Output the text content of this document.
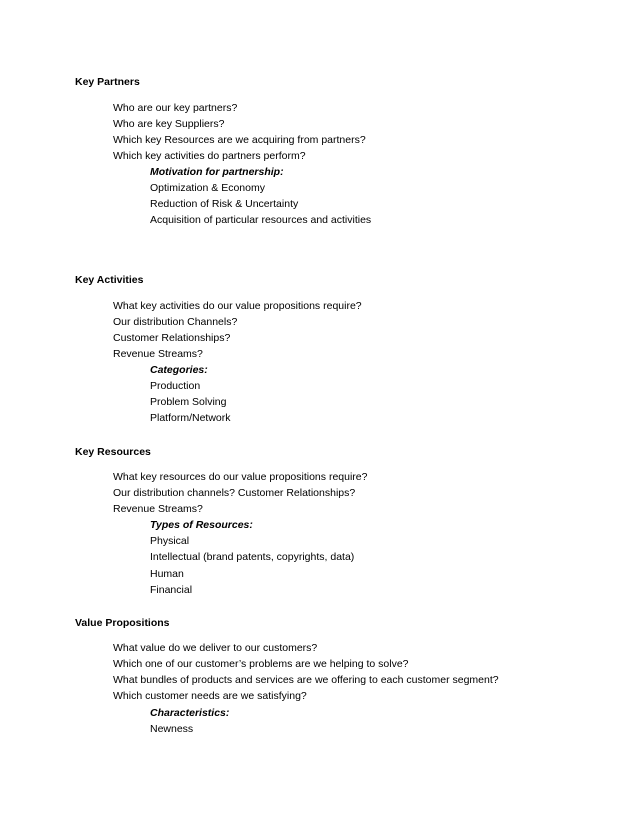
Key Partners
Who are our key partners?
Who are key Suppliers?
Which key Resources are we acquiring from partners?
Which key activities do partners perform?
Motivation for partnership:
Optimization & Economy
Reduction of Risk & Uncertainty
Acquisition of particular resources and activities
Key Activities
What key activities do our value propositions require?
Our distribution Channels?
Customer Relationships?
Revenue Streams?
Categories:
Production
Problem Solving
Platform/Network
Key Resources
What key resources do our value propositions require?
Our distribution channels? Customer Relationships?
Revenue Streams?
Types of Resources:
Physical
Intellectual (brand patents, copyrights, data)
Human
Financial
Value Propositions
What value do we deliver to our customers?
Which one of our customer’s problems are we helping to solve?
What bundles of products and services are we offering to each customer segment?
Which customer needs are we satisfying?
Characteristics:
Newness
